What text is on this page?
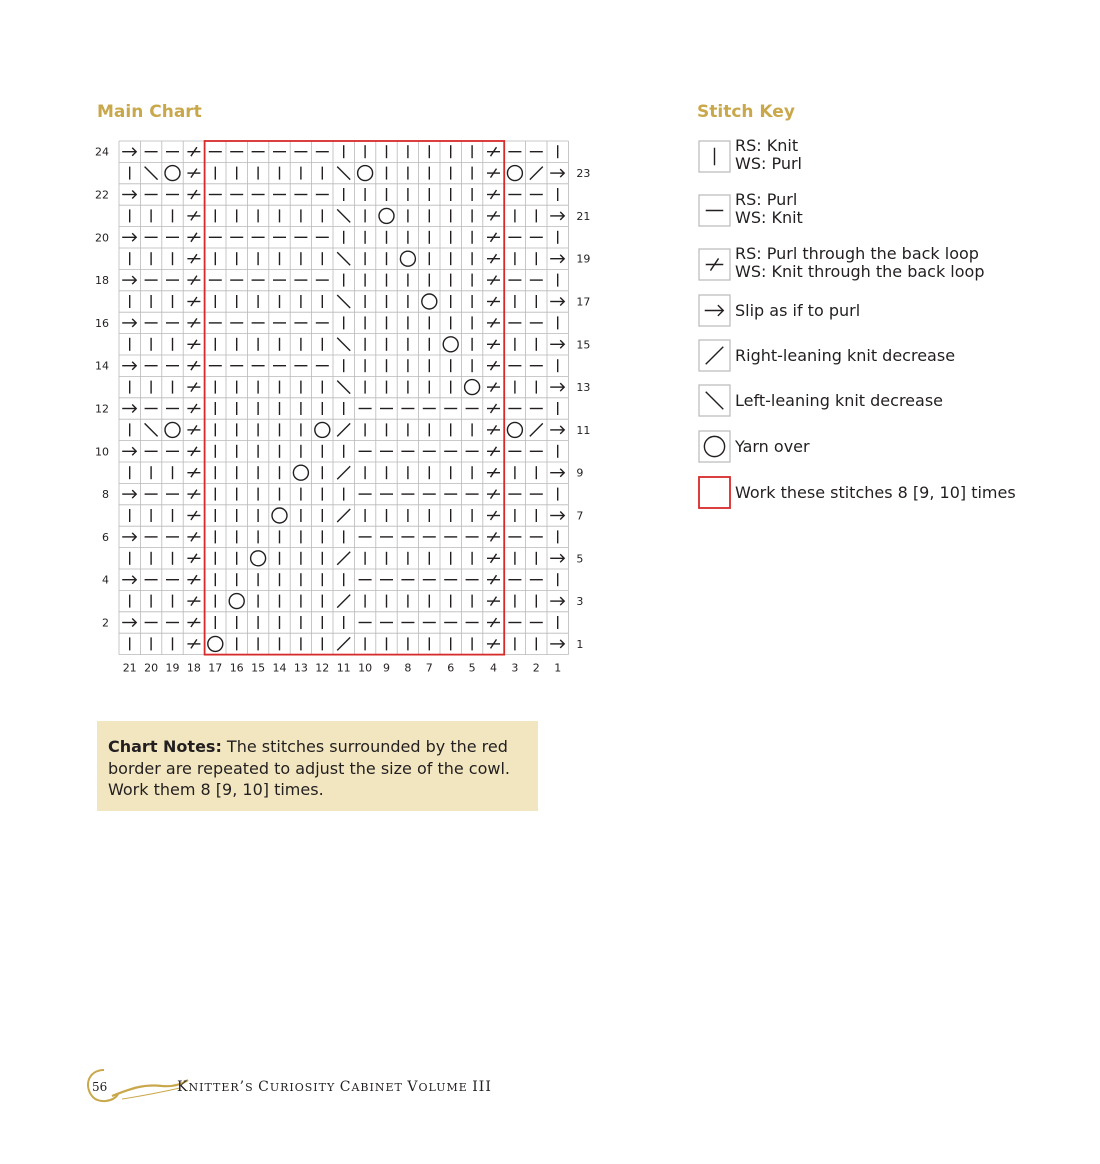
Main Chart	Stitch Key
24
23
22
21
20
19
18
17
16
15
14
13
12
11
10
9
8
7
6
5
4
3
2
1
21 20 19 18 17 16 15 14 13 12 11 10 9 8 7 6 5 4 3 2 1
RS: Knit
WS: Purl
RS: Purl
WS: Knit
RS: Purl through the back loop
WS: Knit through the back loop
Slip as if to purl
Right-leaning knit decrease
Left-leaning knit decrease
Yarn over
Work these stitches 8 [9, 10] times
Chart Notes: The stitches surrounded by the red border are repeated to adjust the size of the cowl. Work them 8 [9, 10] times.
56	KNITTER’S CURIOSITY CABINET VOLUME III
